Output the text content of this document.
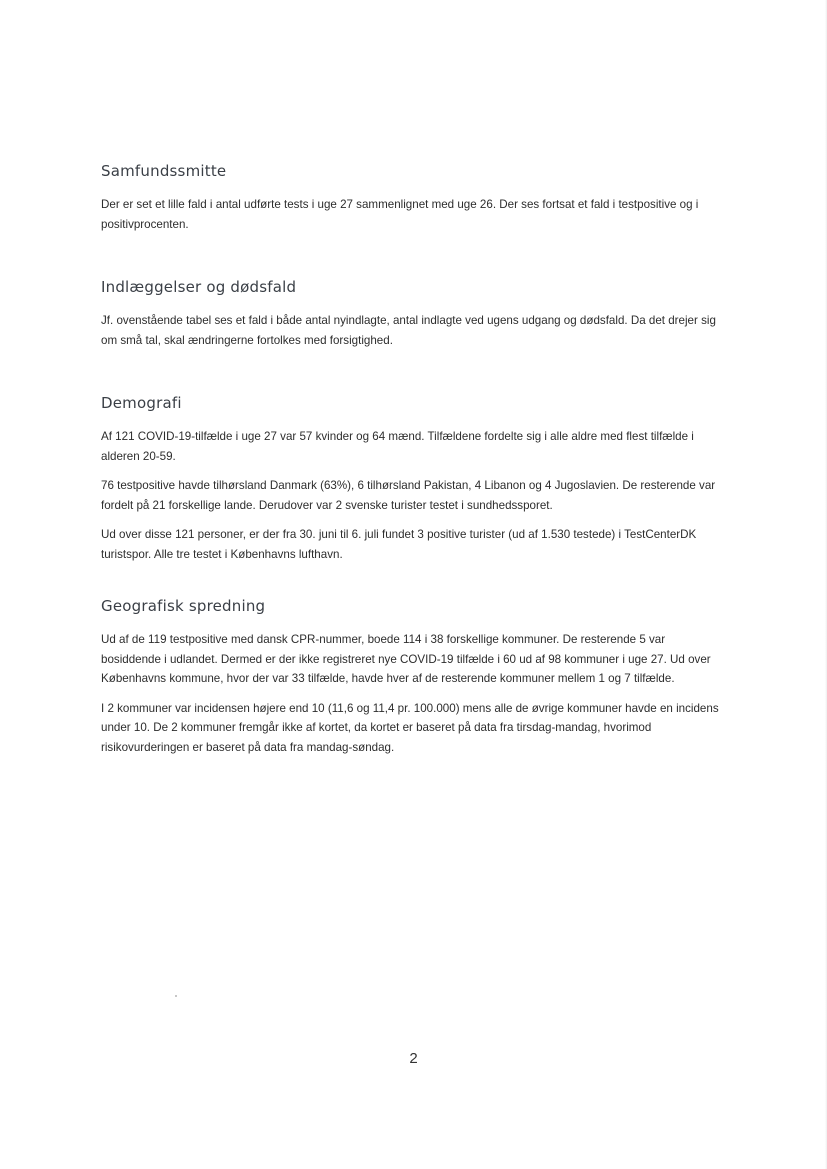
Samfundssmitte

Der er set et lille fald i antal udførte tests i uge 27 sammenlignet med uge 26. Der ses fortsat et fald i testpositive og i positivprocenten.

Indlæggelser og dødsfald

Jf. ovenstående tabel ses et fald i både antal nyindlagte, antal indlagte ved ugens udgang og dødsfald. Da det drejer sig om små tal, skal ændringerne fortolkes med forsigtighed.

Demografi

Af 121 COVID-19-tilfælde i uge 27 var 57 kvinder og 64 mænd. Tilfældene fordelte sig i alle aldre med flest tilfælde i alderen 20-59.

76 testpositive havde tilhørsland Danmark (63%), 6 tilhørsland Pakistan, 4 Libanon og 4 Jugoslavien. De resterende var fordelt på 21 forskellige lande. Derudover var 2 svenske turister testet i sundhedssporet.

Ud over disse 121 personer, er der fra 30. juni til 6. juli fundet 3 positive turister (ud af 1.530 testede) i TestCenterDK turistspor. Alle tre testet i Københavns lufthavn.

Geografisk spredning

Ud af de 119 testpositive med dansk CPR-nummer, boede 114 i 38 forskellige kommuner. De resterende 5 var bosiddende i udlandet. Dermed er der ikke registreret nye COVID-19 tilfælde i 60 ud af 98 kommuner i uge 27. Ud over Københavns kommune, hvor der var 33 tilfælde, havde hver af de resterende kommuner mellem 1 og 7 tilfælde.

I 2 kommuner var incidensen højere end 10 (11,6 og 11,4 pr. 100.000) mens alle de øvrige kommuner havde en incidens under 10. De 2 kommuner fremgår ikke af kortet, da kortet er baseret på data fra tirsdag-mandag, hvorimod risikovurderingen er baseret på data fra mandag-søndag.

2
